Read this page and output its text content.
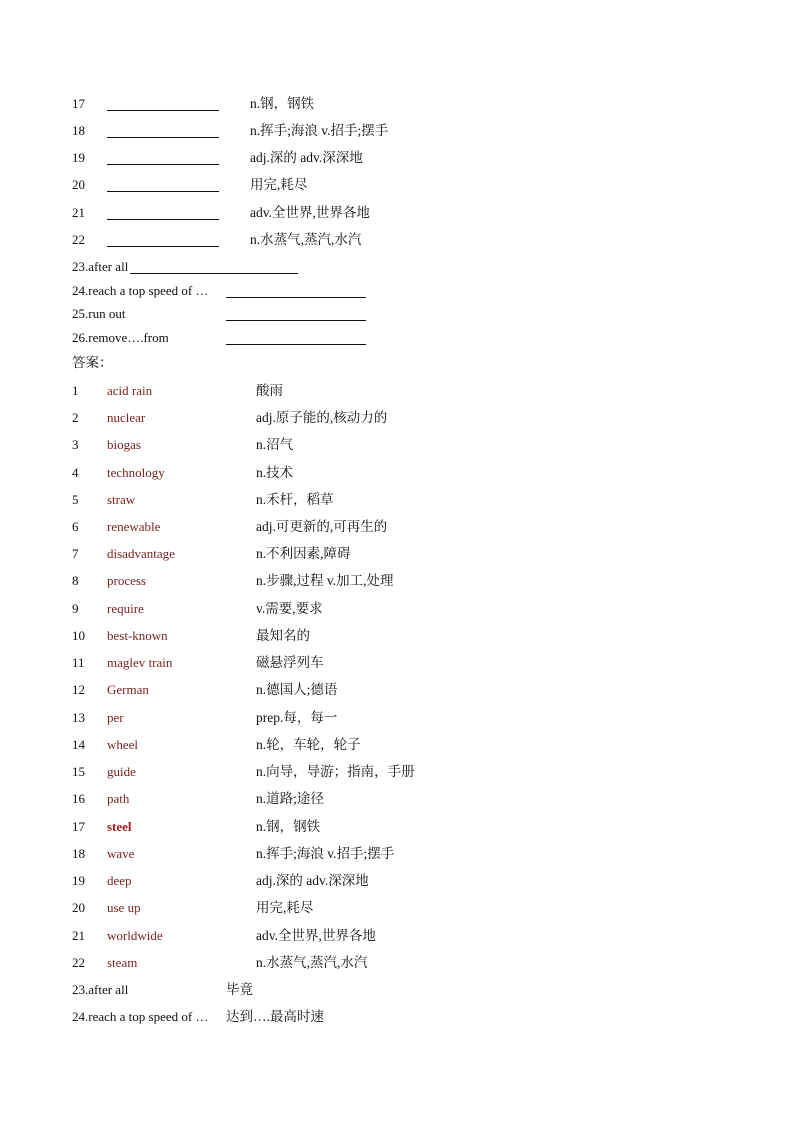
17	n.钢，钢铁
18	n.挥手;海浪 v.招手;摆手
19	adj.深的 adv.深深地
20	用完,耗尽
21	adv.全世界,世界各地
22	n.水蒸气,蒸汽,水汽
23.after all
24.reach a top speed of …
25.run out
26.remove….from
答案：
1 acid rain	酸雨
2 nuclear	adj.原子能的,核动力的
3 biogas	n.沼气
4 technology	n.技术
5 straw	n.禾杆，稻草
6 renewable	adj.可更新的,可再生的
7 disadvantage	n.不利因素,障碍
8 process	n.步骤,过程 v.加工,处理
9 require	v.需要,要求
10 best-known	最知名的
11 maglev train	磁悬浮列车
12 German	n.德国人;德语
13 per	prep.每，每一
14 wheel	n.轮，车轮，轮子
15 guide	n.向导，导游；指南，手册
16 path	n.道路;途径
17 steel	n.钢，钢铁
18 wave	n.挥手;海浪 v.招手;摆手
19 deep	adj.深的 adv.深深地
20 use up	用完,耗尽
21 worldwide	adv.全世界,世界各地
22 steam	n.水蒸气,蒸汽,水汽
23.after all	毕竟
24.reach a top speed of … 达到….最高时速
